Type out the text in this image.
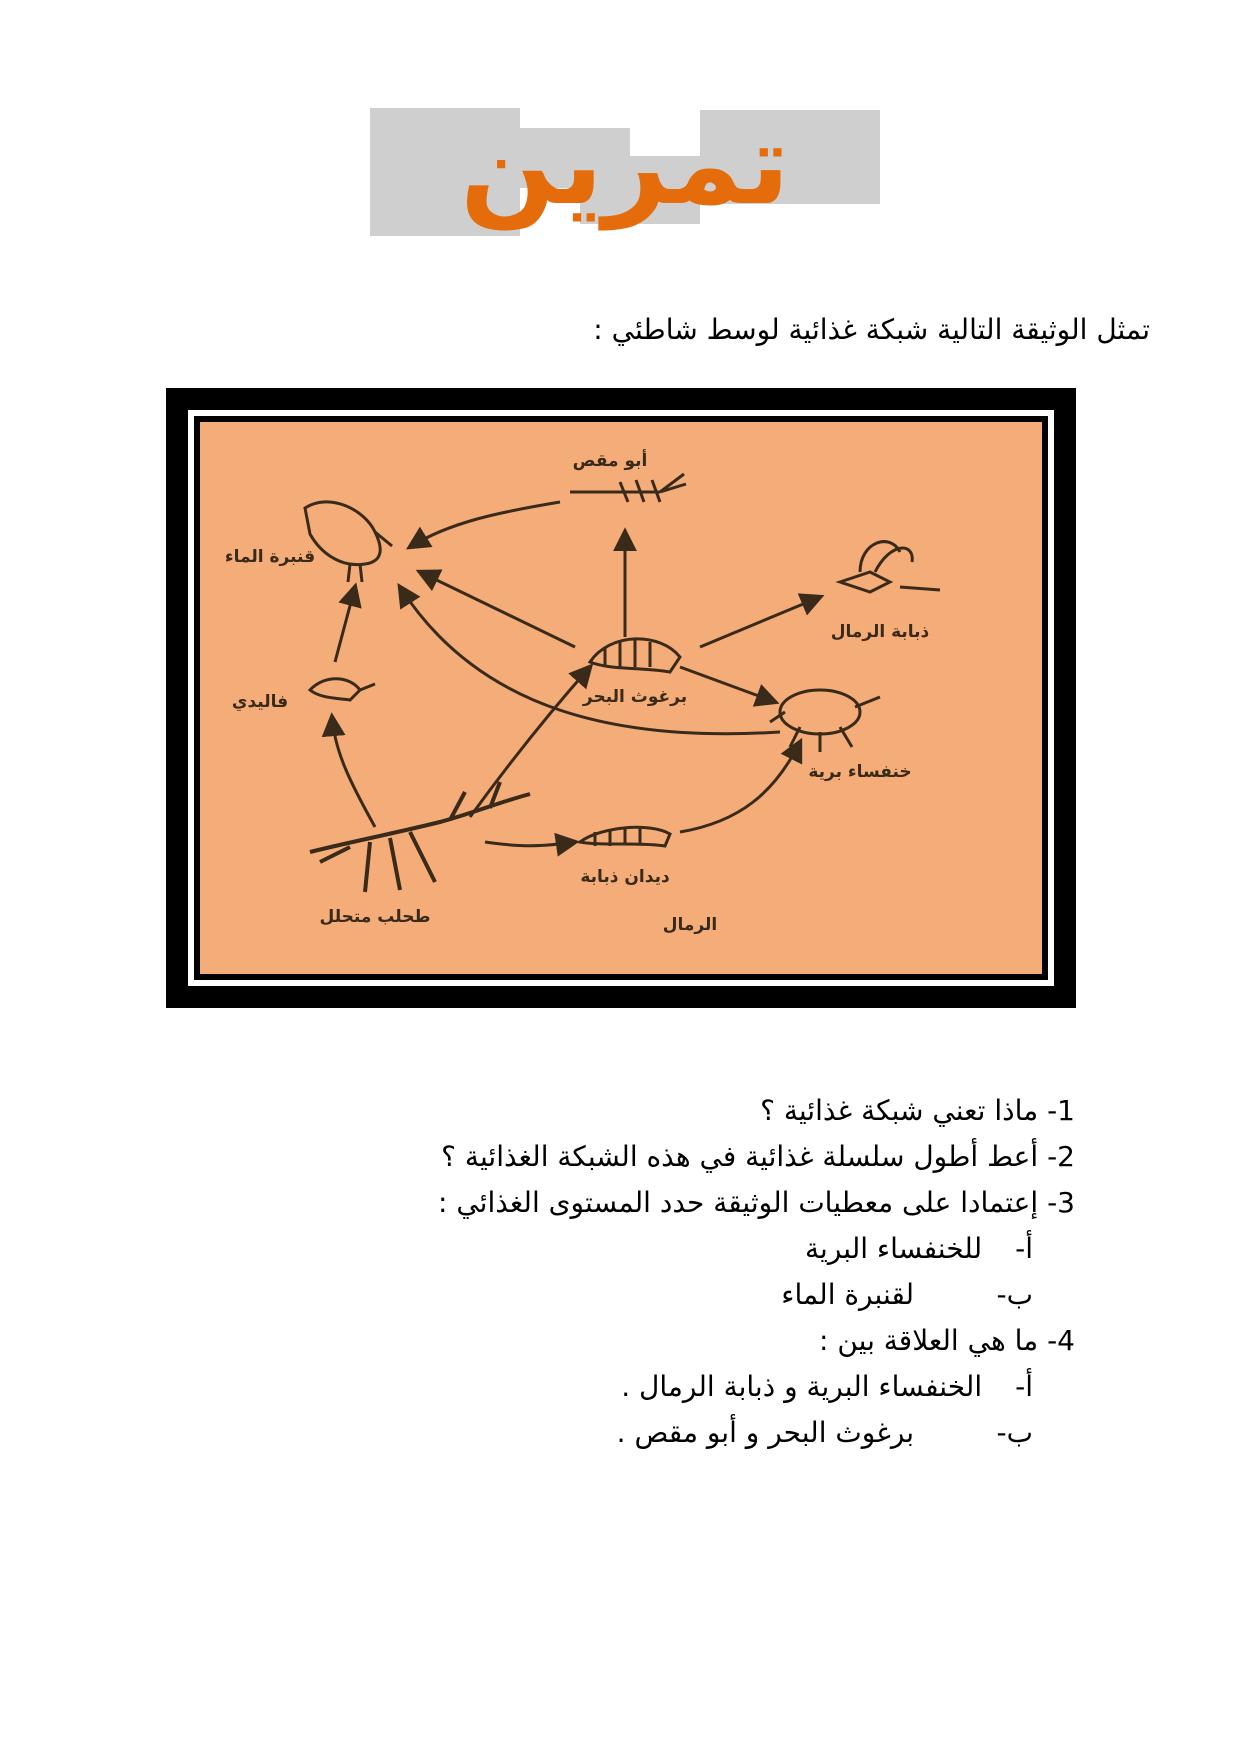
تمرين
تمثل الوثيقة التالية شبكة غذائية لوسط شاطئي :
أبو مقص
قنبرة الماء
ذبابة الرمال
برغوث البحر
خنفساء برية
فاليدي
ديدان ذبابة
الرمال
طحلب متحلل
1- ماذا تعني شبكة غذائية ؟
2- أعط أطول سلسلة غذائية في هذه الشبكة الغذائية ؟
3- إعتمادا على معطيات الوثيقة حدد المستوى الغذائي :
أ- للخنفساء البرية
ب- لقنبرة الماء
4- ما هي العلاقة بين :
أ- الخنفساء البرية و ذبابة الرمال .
ب- برغوث البحر و أبو مقص .
